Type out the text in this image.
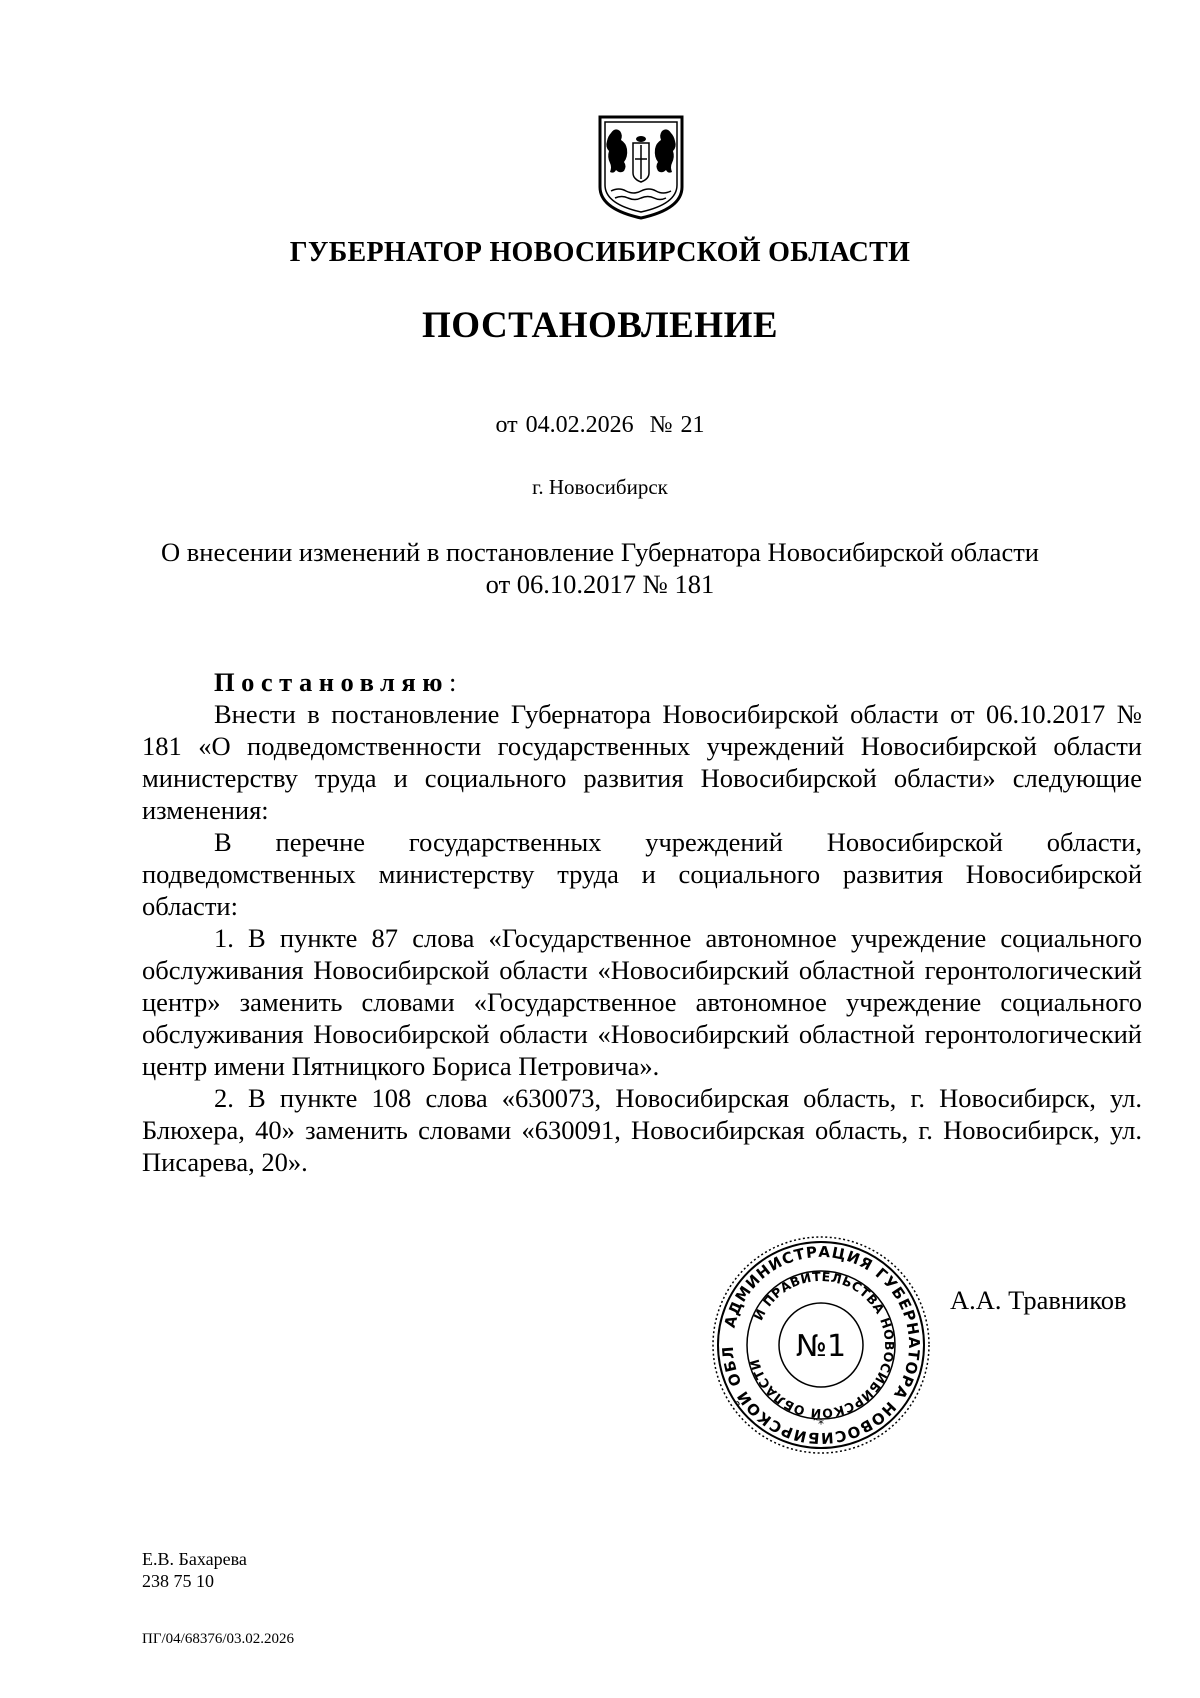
ГУБЕРНАТОР НОВОСИБИРСКОЙ ОБЛАСТИ
ПОСТАНОВЛЕНИЕ
от 04.02.2026  № 21
г. Новосибирск
О внесении изменений в постановление Губернатора Новосибирской области
от 06.10.2017 № 181

Постановляю:

Внести в постановление Губернатора Новосибирской области от 06.10.2017 № 181 «О подведомственности государственных учреждений Новосибирской области министерству труда и социального развития Новосибирской области» следующие изменения:

В перечне государственных учреждений Новосибирской области, подведомственных министерству труда и социального развития Новосибирской области:

1. В пункте 87 слова «Государственное автономное учреждение социального обслуживания Новосибирской области «Новосибирский областной геронтологический центр» заменить словами «Государственное автономное учреждение социального обслуживания Новосибирской области «Новосибирский областной геронтологический центр имени Пятницкого Бориса Петровича».

2. В пункте 108 слова «630073, Новосибирская область, г. Новосибирск, ул. Блюхера, 40» заменить словами «630091, Новосибирская область, г. Новосибирск, ул. Писарева, 20».

АДМИНИСТРАЦИЯ ГУБЕРНАТОРА НОВОСИБИРСКОЙ ОБЛ
И ПРАВИТЕЛЬСТВА НОВОСИБИРСКОЙ ОБЛАСТИ
№1
*
А.А. Травников
Е.В. Бахарева
238 75 10
ПГ/04/68376/03.02.2026
